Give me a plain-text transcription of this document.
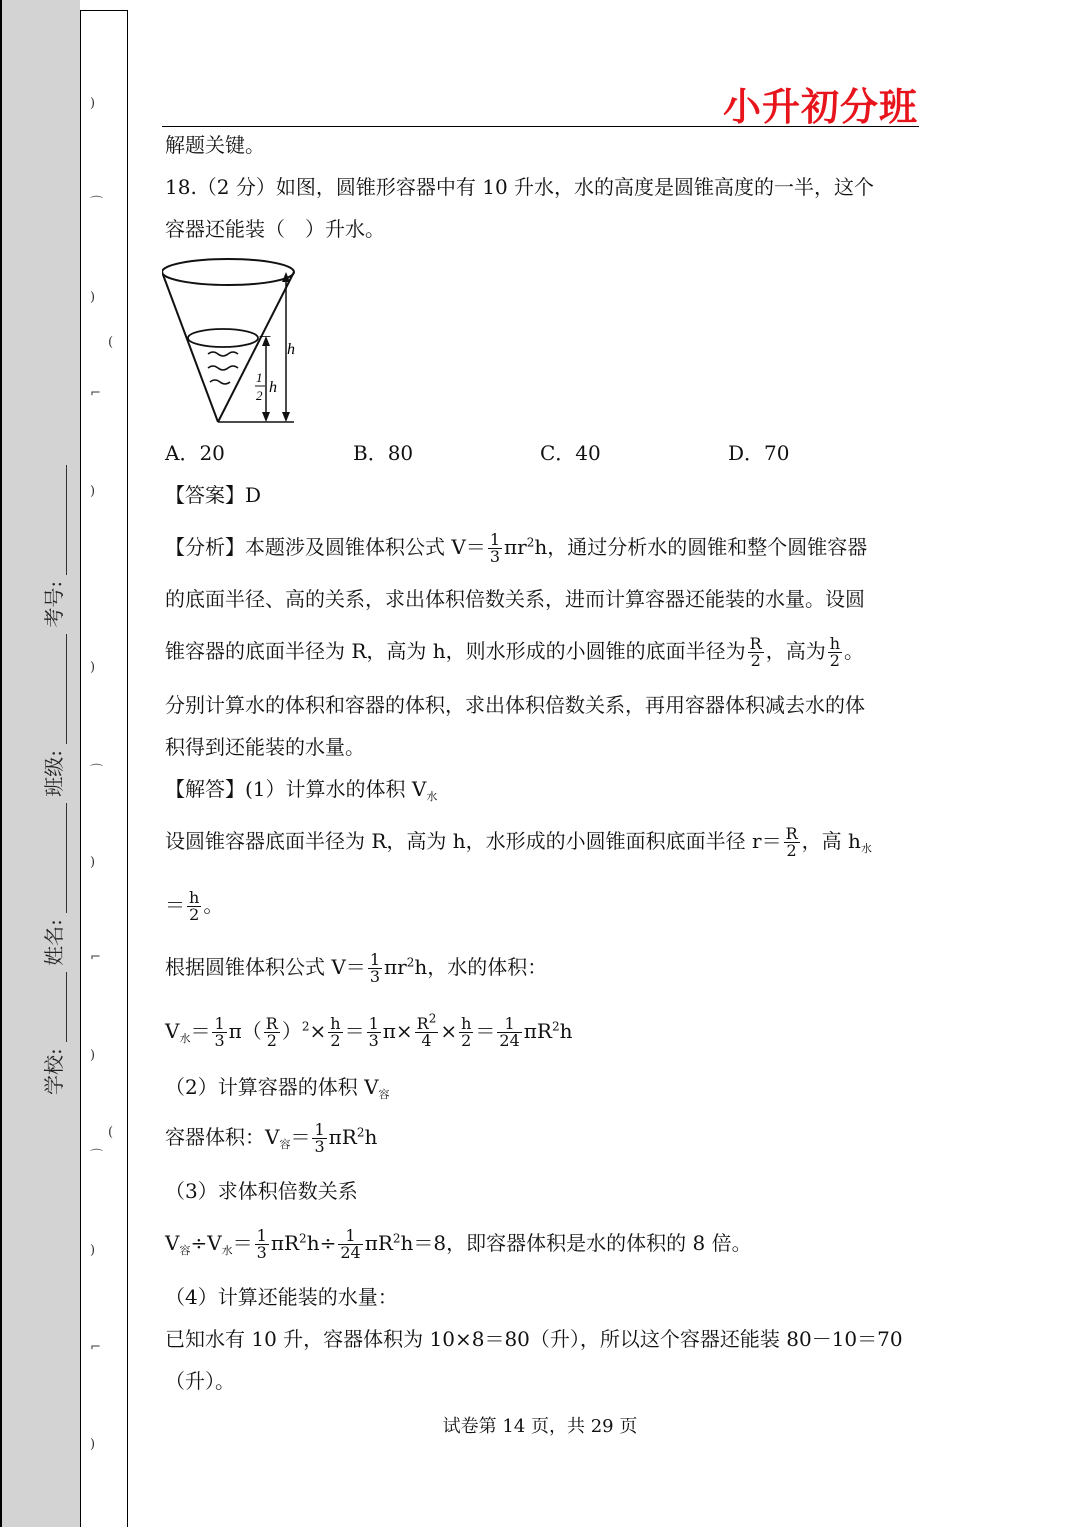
)
⌒
)
(
⌐
)
)
⌒
)
⌐
)
(
⌒
)
⌐
)
学校: 姓名: 班级: 考号:
小升初分班

解题关键。

18.（2 分）如图，圆锥形容器中有 10 升水，水的高度是圆锥高度的一半，这个

容器还能装（　）升水。

—
1
2 h
h
A．20	B．80	C．40	D．70

【答案】D

【分析】本题涉及圆锥体积公式 $V= \frac{1}{3} \pi r^2h$，通过分析水的圆锥和整个圆锥容器

的底面半径、高的关系，求出体积倍数关系，进而计算容器还能装的水量。设圆

锥容器的底面半径为 R，高为 h，则水形成的小圆锥的底面半径为 $\frac{R}{2}$ ，高为 $\frac{h}{2}$ 。

分别计算水的体积和容器的体积，求出体积倍数关系，再用容器体积减去水的体

积得到还能装的水量。

【解答】(1）计算水的体积 $V_水$

设圆锥容器底面半径为 R，高为 h，水形成的小圆锥面积底面半径 $r= \frac{R}{2}$ ，高 $h_水$

＝ $\frac{h}{2}$ 。

根据圆锥体积公式 $V= \frac{1}{3} \pi r^2h$，水的体积：

$V_水= \frac{1}{3} \pi( \frac{R}{2} )^2\times \frac{h}{2} = \frac{1}{3} \pi\times \frac{R^2}{4} \times \frac{h}{2} = \frac{1}{24} \pi R^2h$

（2）计算容器的体积 $V_容$

容器体积：$V_容= \frac{1}{3} \pi R^2h$

（3）求体积倍数关系

$V_容\div V_水= \frac{1}{3} \pi R^2h\div \frac{1}{24} \pi R^2h=8$，即容器体积是水的体积的 8 倍。

（4）计算还能装的水量：

已知水有 10 升，容器体积为 10×8＝80（升），所以这个容器还能装 80－10＝70

（升）。

试卷第 14 页，共 29 页
